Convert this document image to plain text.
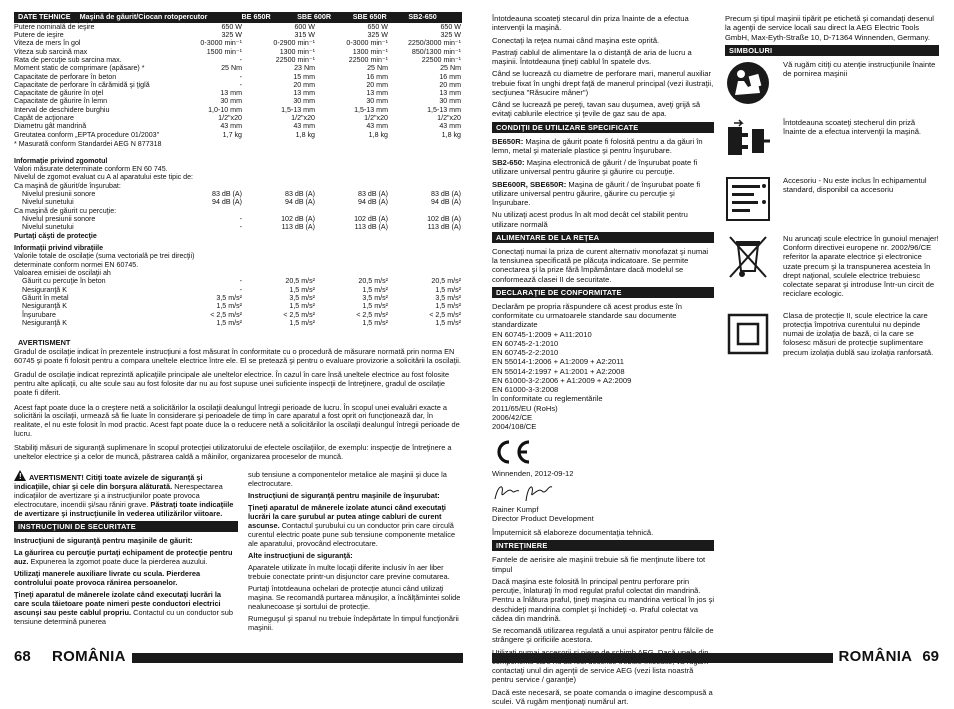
DATE TEHNICE	Maşină de găurit/Ciocan rotopercutor	BE 650R	SBE 600R	SBE 650R	SB2-650
Putere nominală de ieşire	650 W	600 W	650 W	650 W
Putere de ieşire	325 W	315 W	325 W	325 W
Viteza de mers în gol	0-3000 min⁻¹	0-2900 min⁻¹	0-3000 min⁻¹	2250/3000 min⁻¹
Viteza sub sarcină max	1500 min⁻¹	1300 min⁻¹	1300 min⁻¹	850/1300 min⁻¹
Rata de percuţie sub sarcina max.	-	22500 min⁻¹	22500 min⁻¹	22500 min⁻¹
Moment static de comprimare (apăsare) *	25 Nm	23 Nm	25 Nm	25 Nm
Capacitate de perforare în beton	-	15 mm	16 mm	16 mm
Capacitate de perforare în cărămidă şi ţiglă	-	20 mm	20 mm	20 mm
Capacitate de găurire în oţel	13 mm	13 mm	13 mm	13 mm
Capacitate de găurire în lemn	30 mm	30 mm	30 mm	30 mm
Interval de deschidere burghiu	1,0-10 mm	1,5-13 mm	1,5-13 mm	1,5-13 mm
Capăt de acţionare	1/2"x20	1/2"x20	1/2"x20	1/2"x20
Diametru gât mandrină	43 mm	43 mm	43 mm	43 mm
Greutatea conform „EPTA procedure 01/2003"	1,7 kg	1,8 kg	1,8 kg	1,8 kg
* Masurată conform Standardei AEG N 877318
Informaţie privind zgomotul
Valori măsurate determinate conform EN 60 745.
Nivelul de zgomot evaluat cu A al aparatului este tipic de:
Ca maşină de găurit/de înşurubat:
Nivelul presiunii sonore	83 dB (A)	83 dB (A)	83 dB (A)	83 dB (A)
Nivelul sunetului	94 dB (A)	94 dB (A)	94 dB (A)	94 dB (A)
Ca maşină de găurit cu percuţie:
Nivelul presiunii sonore	-	102 dB (A)	102 dB (A)	102 dB (A)
Nivelul sunetului	-	113 dB (A)	113 dB (A)	113 dB (A)
Purtaţi căşti de protecţie
Informaţii privind vibraţiile
Valorile totale de oscilaţie (suma vectorială pe trei direcţii)
determinate conform normei EN 60745.
Valoarea emisiei de oscilaţii ah
Găurit cu percuţie în beton	-	20,5 m/s²	20,5 m/s²	20,5 m/s²
Nesiguranţă K	-	1,5 m/s²	1,5 m/s²	1,5 m/s²
Găurit în metal	3,5 m/s²	3,5 m/s²	3,5 m/s²	3,5 m/s²
Nesiguranţă K	1,5 m/s²	1,5 m/s²	1,5 m/s²	1,5 m/s²
Înşurubare	< 2,5 m/s²	< 2,5 m/s²	< 2,5 m/s²	< 2,5 m/s²
Nesiguranţă K	1,5 m/s²	1,5 m/s²	1,5 m/s²	1,5 m/s²
AVERTISMENT

Gradul de oscilaţie indicat în prezentele instrucţiuni a fost măsurat în conformitate cu o procedură de măsurare normată prin norma EN 60745 şi poate fi folosit pentru a compara uneltele electrice între ele. El se pretează şi pentru o evaluare provizorie a solicitării la oscilaţii.

Gradul de oscilaţie indicat reprezintă aplicaţiile principale ale uneltelor electrice. În cazul în care însă uneltele electrice au fost folosite pentru alte aplicaţii, cu alte scule sau au fost folosite dar nu au fost supuse unei suficiente inspecţii de întreţinere, gradul de oscilaţie poate fi diferit.

Acest fapt poate duce la o creştere netă a solicitărilor la oscilaţii dealungul întregii perioade de lucru. În scopul unei evaluări exacte a solicitării la oscilaţii, urmează să fie luate în considerare şi perioadele de timp în care aparatul a fost oprit ori funcţionează dar, în realitate, el nu este folosit în mod practic. Acest fapt poate duce la o reducere netă a solicitărilor la oscilaţii dealungul întregii perioade de lucru.

Stabiliţi măsuri de siguranţă suplimenare în scopul protecţiei utilizatorului de efectele oscilaţiilor, de exemplu: inspecţie de întreţinere a uneltelor electrice şi a celor de muncă, păstrarea caldă a mâinilor, organizarea proceselor de muncă.

! AVERTISMENT! Citiţi toate avizele de siguranţă şi indicaţiile, chiar şi cele din borşura alăturată. Nerespectarea indicaţiilor de avertizare şi a instrucţiunilor poate provoca electrocutare, incendii şi/sau răniri grave. Păstraţi toate indicaţiile de avertizare şi instrucţiunile în vederea utilizărilor viitoare.

INSTRUCŢIUNI DE SECURITATE

Instrucţiuni de siguranţă pentru maşinile de găurit:

La găurirea cu percuţie purtaţi echipament de protecţie pentru auz. Expunerea la zgomot poate duce la pierderea auzului.

Utilizaţi manerele auxiliare livrate cu scula. Pierderea controlului poate provoca rănirea persoanelor.

Ţineţi aparatul de mânerele izolate când executaţi lucrări la care scula tăietoare poate nimeri peste conductori electrici ascunşi sau peste cablul propriu. Contactul cu un conductor sub tensiune determină punerea

sub tensiune a componentelor metalice ale maşinii şi duce la electrocutare.

Instrucţiuni de siguranţă pentru maşinile de înşurubat:

Ţineţi aparatul de mânerele izolate atunci când executaţi lucrări la care şurubul ar putea atinge cabluri de curent ascunse. Contactul şurubului cu un conductor prin care circulă curentul electric poate pune sub tensiune componente metalice ale aparatului, provocând electrocutare.

Alte instrucţiuni de siguranţă:

Aparatele utilizate în multe locaţii diferite inclusiv în aer liber trebuie conectate printr-un disjunctor care previne comutarea.

Purtaţi întotdeauna ochelari de protecţie atunci când utilizaţi maşina. Se recomandă purtarea mănuşilor, a încălţămintei solide nealunecoase şi sortului de protecţie.

Rumeguşul şi spanul nu trebuie îndepărtate în timpul funcţionării maşinii.

68	ROMÂNIA

Întotdeauna scoateţi stecarul din priza înainte de a efectua intervenţii la maşină.

Conectaţi la reţea numai când maşina este oprită.

Pastraţi cablul de alimentare la o distanţă de aria de lucru a maşinii. Întotdeauna ţineţi cablul în spatele dvs.

Când se lucrează cu diametre de perforare mari, manerul auxiliar trebuie fixat în unghi drept faţă de manerul principal (vezi ilustraţii, secţiunea "Răsucire mâner")

Când se lucrează pe pereţi, tavan sau duşumea, aveţi grijă să evitaţi cablurile electrice şi ţevile de gaz sau de apa.

CONDIŢII DE UTILIZARE SPECIFICATE

BE650R: Maşina de găurit poate fi folosită pentru a da găuri în lemn, metal şi materiale plastice şi pentru înşurubare.

SB2-650: Maşina electronică de găurit / de înşurubat poate fi utilizare universal pentru găurire şi găurire cu percuţie.

SBE600R, SBE650R: Maşina de găurit / de înşurubat poate fi utilizare universal pentru găurire, găurire cu percuţie şi înşurubare.

Nu utilizaţi acest produs în alt mod decât cel stabilit pentru utilizare normală

ALIMENTARE DE LA REŢEA

Conectaţi numai la priza de curent alternativ monofazat şi numai la tensiunea specificată pe plăcuţa indicatoare. Se permite conectarea şi la prize fără împământare dacă modelul se conformează clasei II de securitate.

DECLARAŢIE DE CONFORMITATE
Declarăm pe propria răspundere că acest produs este în conformitate cu urmatoarele standarde sau documente standardizate
EN 60745-1:2009 + A11:2010
EN 60745-2-1:2010
EN 60745-2-2:2010
EN 55014-1:2006 + A1:2009 + A2:2011
EN 55014-2:1997 + A1:2001 + A2:2008
EN 61000-3-2:2006 + A1:2009 + A2:2009
EN 61000-3-3:2008
în conformitate cu reglementările
2011/65/EU (RoHs)
2006/42/CE
2004/108/CE
Winnenden, 2012-09-12
Rainer Kumpf
Director Product Development

Împuternicit să elaboreze documentaţia tehnică.

INTREŢINERE

Fantele de aerisire ale maşinii trebuie să fie menţinute libere tot timpul

Dacă maşina este folosită în principal pentru perforare prin percuţie, înlaturaţi în mod regulat praful colectat din mandrină. Pentru a înlătura praful, ţineţi maşina cu mandrina vertical în jos şi deschideţi mandrina complet şi închideţi -o. Praful colectat va cădea din mandrină.

Se recomandă utilizarea regulată a unui aspirator pentru fălcile de strângere şi orificiile acestora.

contactaţi unul din agenţii de service AEG (vezi lista noastră pentru service / garanţie)

Dacă este necesară, se poate comanda o imagine descompusă a sculei. Vă rugăm menţionaţi numărul art.

Precum şi tipul maşinii tipărit pe etichetă şi comandaţi desenul la agenţii de service locali sau direct la AEG Electric Tools GmbH, Max-Eyth-Straße 10, D-71364 Winnenden, Germany.

SIMBOLURI
Vă rugăm citiţi cu atenţie instrucţiunile înainte de pornirea maşinii
Întotdeauna scoateţi stecherul din priză înainte de a efectua intervenţii la maşină.
Accesoriu - Nu este inclus în echipamentul standard, disponibil ca accesoriu
Nu aruncaţi scule electrice în gunoiul menajer! Conform directivei europene nr. 2002/96/CE referitor la aparate electrice şi electronice uzate precum şi la transpunerea acesteia în drept naţional, sculele electrice trebuiesc colectate separat şi introduse într-un circit de reciclare ecologic.
Clasa de protecţie II, scule electrice la care protecţia împotriva curentului nu depinde numai de izolaţia de bază, ci la care se folosesc măsuri de protecţie suplimentare precum izolaţia dublă sau izolaţia ranforsată.
ROMÂNIA 69
